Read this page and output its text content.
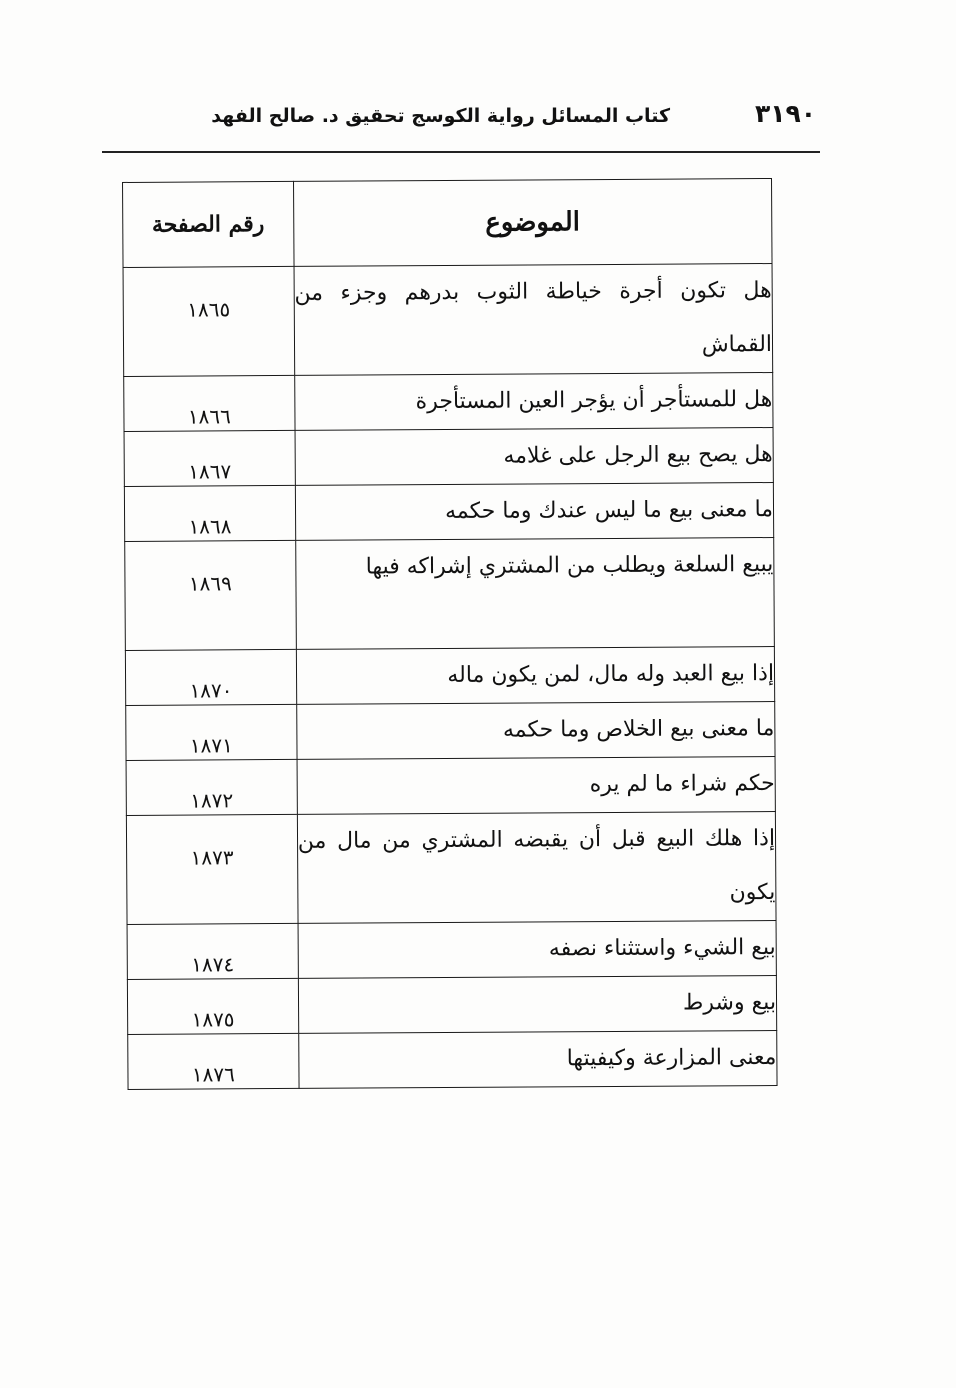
٣١٩٠
كتاب المسائل رواية الكوسج تحقيق د. صالح الفهد
الموضوع	رقم الصفحة
هل تكون أجرة خياطة الثوب بدرهم وجزء من القماش	١٨٦٥
هل للمستأجر أن يؤجر العين المستأجرة	١٨٦٦
هل يصح بيع الرجل على غلامه	١٨٦٧
ما معنى بيع ما ليس عندك وما حكمه	١٨٦٨
يبيع السلعة ويطلب من المشتري إشراكه فيها	١٨٦٩
إذا بيع العبد وله مال، لمن يكون ماله	١٨٧٠
ما معنى بيع الخلاص وما حكمه	١٨٧١
حكم شراء ما لم يره	١٨٧٢
إذا هلك البيع قبل أن يقبضه المشتري من مال من يكون	١٨٧٣
بيع الشيء واستثناء نصفه	١٨٧٤
بيع وشرط	١٨٧٥
معنى المزارعة وكيفيتها	١٨٧٦
